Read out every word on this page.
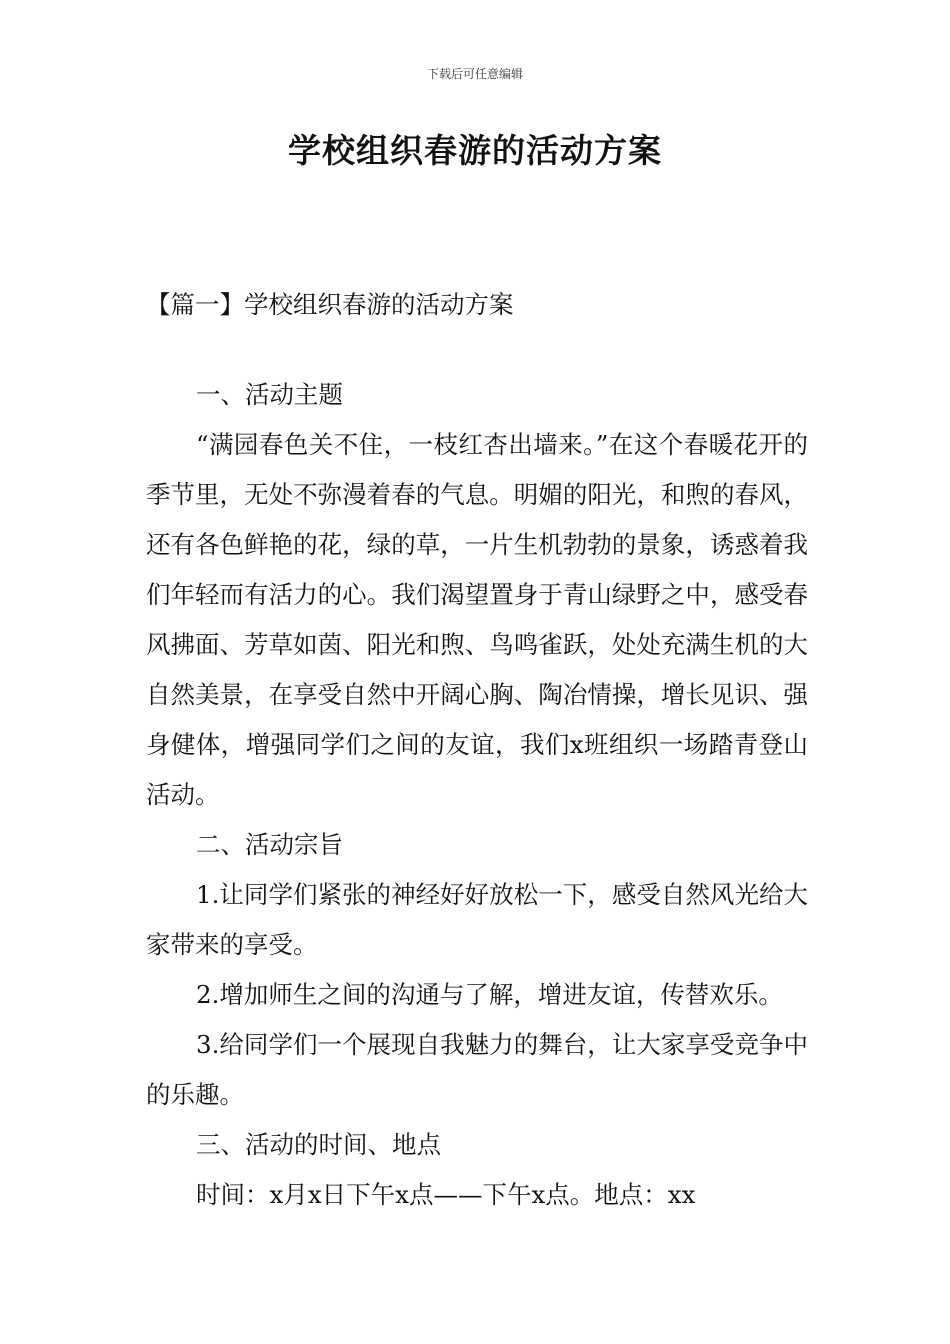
下载后可任意编辑
学校组织春游的活动方案

【篇一】学校组织春游的活动方案

一、活动主题

“满园春色关不住，一枝红杏出墙来。”在这个春暖花开的季节里，无处不弥漫着春的气息。明媚的阳光，和煦的春风，还有各色鲜艳的花，绿的草，一片生机勃勃的景象，诱惑着我们年轻而有活力的心。我们渴望置身于青山绿野之中，感受春风拂面、芳草如茵、阳光和煦、鸟鸣雀跃，处处充满生机的大自然美景，在享受自然中开阔心胸、陶冶情操，增长见识、强身健体，增强同学们之间的友谊，我们x班组织一场踏青登山活动。

二、活动宗旨

1.让同学们紧张的神经好好放松一下，感受自然风光给大家带来的享受。

2.增加师生之间的沟通与了解，增进友谊，传替欢乐。

3.给同学们一个展现自我魅力的舞台，让大家享受竞争中的乐趣。

三、活动的时间、地点

时间：x月x日下午x点——下午x点。地点：xx
